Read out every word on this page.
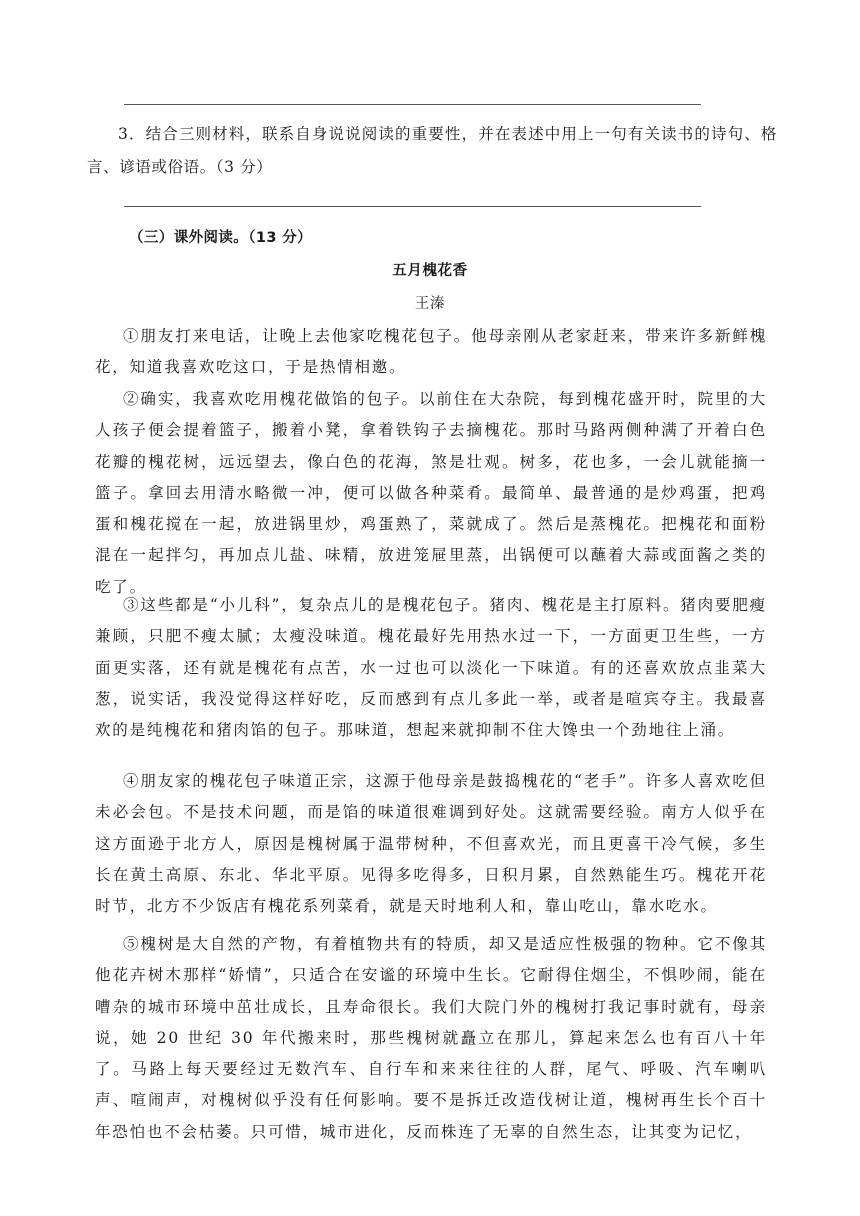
3．结合三则材料，联系自身说说阅读的重要性，并在表述中用上一句有关读书的诗句、格言、谚语或俗语。（3 分）

（三）课外阅读。（13 分）

五月槐花香

王溱

①朋友打来电话，让晚上去他家吃槐花包子。他母亲刚从老家赶来，带来许多新鲜槐花，知道我喜欢吃这口，于是热情相邀。

②确实，我喜欢吃用槐花做馅的包子。以前住在大杂院，每到槐花盛开时，院里的大人孩子便会提着篮子，搬着小凳，拿着铁钩子去摘槐花。那时马路两侧种满了开着白色花瓣的槐花树，远远望去，像白色的花海，煞是壮观。树多，花也多，一会儿就能摘一篮子。拿回去用清水略微一冲，便可以做各种菜肴。最简单、最普通的是炒鸡蛋，把鸡蛋和槐花搅在一起，放进锅里炒，鸡蛋熟了，菜就成了。然后是蒸槐花。把槐花和面粉混在一起拌匀，再加点儿盐、味精，放进笼屉里蒸，出锅便可以蘸着大蒜或面酱之类的吃了。

③这些都是“小儿科”，复杂点儿的是槐花包子。猪肉、槐花是主打原料。猪肉要肥瘦兼顾，只肥不瘦太腻；太瘦没味道。槐花最好先用热水过一下，一方面更卫生些，一方面更实落，还有就是槐花有点苦，水一过也可以淡化一下味道。有的还喜欢放点韭菜大葱，说实话，我没觉得这样好吃，反而感到有点儿多此一举，或者是喧宾夺主。我最喜欢的是纯槐花和猪肉馅的包子。那味道，想起来就抑制不住大馋虫一个劲地往上涌。

④朋友家的槐花包子味道正宗，这源于他母亲是鼓捣槐花的“老手”。许多人喜欢吃但未必会包。不是技术问题，而是馅的味道很难调到好处。这就需要经验。南方人似乎在这方面逊于北方人，原因是槐树属于温带树种，不但喜欢光，而且更喜干冷气候，多生长在黄土高原、东北、华北平原。见得多吃得多，日积月累，自然熟能生巧。槐花开花时节，北方不少饭店有槐花系列菜肴，就是天时地利人和，靠山吃山，靠水吃水。

⑤槐树是大自然的产物，有着植物共有的特质，却又是适应性极强的物种。它不像其他花卉树木那样“娇情”，只适合在安谧的环境中生长。它耐得住烟尘，不惧吵闹，能在嘈杂的城市环境中茁壮成长，且寿命很长。我们大院门外的槐树打我记事时就有，母亲说，她 20 世纪 30 年代搬来时，那些槐树就矗立在那儿，算起来怎么也有百八十年了。马路上每天要经过无数汽车、自行车和来来往往的人群，尾气、呼吸、汽车喇叭声、喧闹声，对槐树似乎没有任何影响。要不是拆迁改造伐树让道，槐树再生长个百十年恐怕也不会枯萎。只可惜，城市进化，反而株连了无辜的自然生态，让其变为记忆，
